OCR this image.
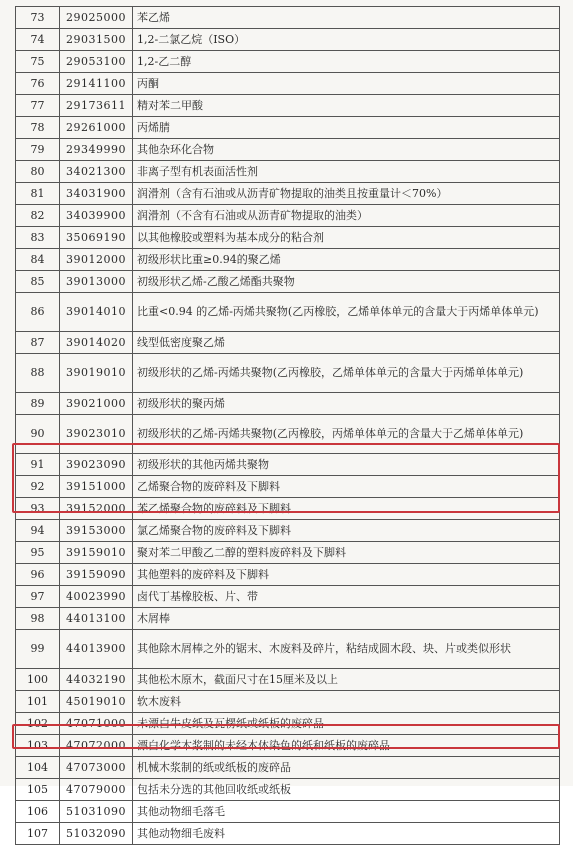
73	29025000	苯乙烯
74	29031500	1,2-二氯乙烷（ISO）
75	29053100	1,2-乙二醇
76	29141100	丙酮
77	29173611	精对苯二甲酸
78	29261000	丙烯腈
79	29349990	其他杂环化合物
80	34021300	非离子型有机表面活性剂
81	34031900	润滑剂（含有石油或从沥青矿物提取的油类且按重量计＜70%）
82	34039900	润滑剂（不含有石油或从沥青矿物提取的油类）
83	35069190	以其他橡胶或塑料为基本成分的粘合剂
84	39012000	初级形状比重≥0.94的聚乙烯
85	39013000	初级形状乙烯-乙酸乙烯酯共聚物
86	39014010	比重<0.94 的乙烯-丙烯共聚物(乙丙橡胶，乙烯单体单元的含量大于丙烯单体单元)
87	39014020	线型低密度聚乙烯
88	39019010	初级形状的乙烯-丙烯共聚物(乙丙橡胶，乙烯单体单元的含量大于丙烯单体单元)
89	39021000	初级形状的聚丙烯
90	39023010	初级形状的乙烯-丙烯共聚物(乙丙橡胶，丙烯单体单元的含量大于乙烯单体单元)
91	39023090	初级形状的其他丙烯共聚物
92	39151000	乙烯聚合物的废碎料及下脚料
93	39152000	苯乙烯聚合物的废碎料及下脚料
94	39153000	氯乙烯聚合物的废碎料及下脚料
95	39159010	聚对苯二甲酸乙二醇的塑料废碎料及下脚料
96	39159090	其他塑料的废碎料及下脚料
97	40023990	卤代丁基橡胶板、片、带
98	44013100	木屑棒
99	44013900	其他除木屑棒之外的锯末、木废料及碎片，粘结成圆木段、块、片或类似形状
100	44032190	其他松木原木，截面尺寸在15厘米及以上
101	45019010	软木废料
102	47071000	未漂白牛皮纸及瓦楞纸或纸板的废碎品
103	47072000	漂白化学木浆制的未经本体染色的纸和纸板的废碎品
104	47073000	机械木浆制的纸或纸板的废碎品
105	47079000	包括未分选的其他回收纸或纸板
106	51031090	其他动物细毛落毛
107	51032090	其他动物细毛废料
